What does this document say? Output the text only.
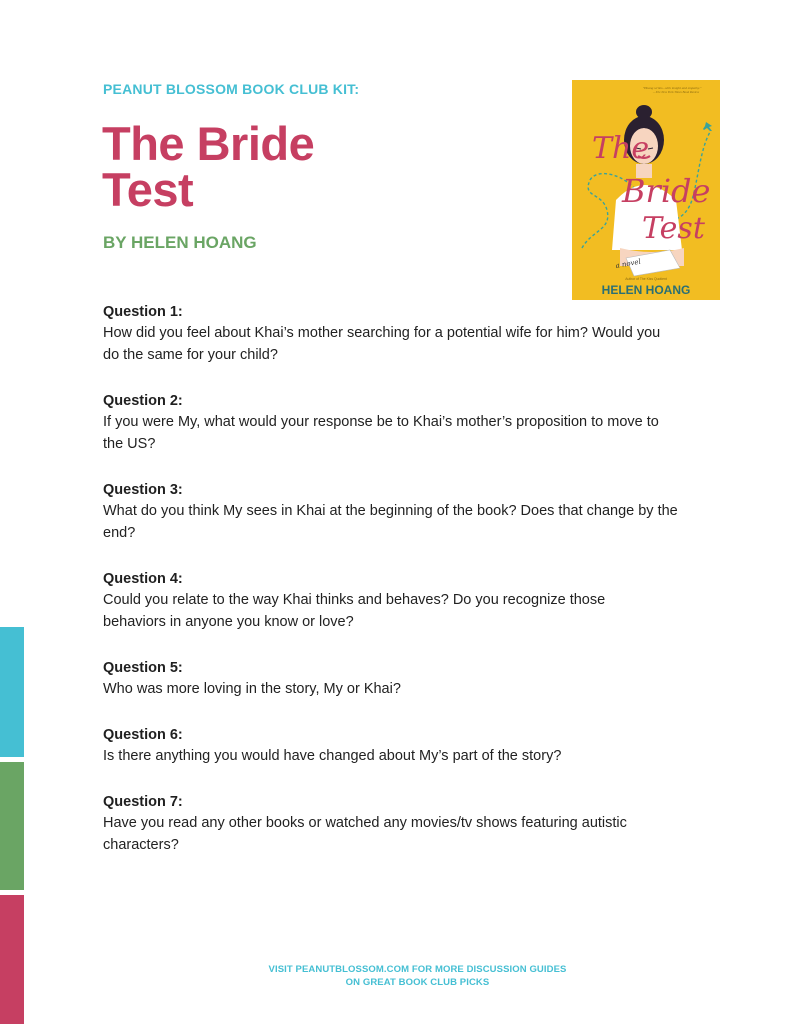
PEANUT BLOSSOM BOOK CLUB KIT:
The Bride
Test
BY HELEN HOANG
"Hoang writes...with insight and empathy."
—The New York Times Book Review
The
Bride
Test
a novel
Author of The Kiss Quotient
HELEN HOANG
Question 1:
How did you feel about Khai’s mother searching for a potential wife for him? Would you
do the same for your child?
Question 2:
If you were My, what would your response be to Khai’s mother’s proposition to move to
the US?
Question 3:
What do you think My sees in Khai at the beginning of the book? Does that change by the
end?
Question 4:
Could you relate to the way Khai thinks and behaves? Do you recognize those
behaviors in anyone you know or love?
Question 5:
Who was more loving in the story, My or Khai?
Question 6:
Is there anything you would have changed about My’s part of the story?
Question 7:
Have you read any other books or watched any movies/tv shows featuring autistic
characters?
VISIT PEANUTBLOSSOM.COM FOR MORE DISCUSSION GUIDES
ON GREAT BOOK CLUB PICKS
